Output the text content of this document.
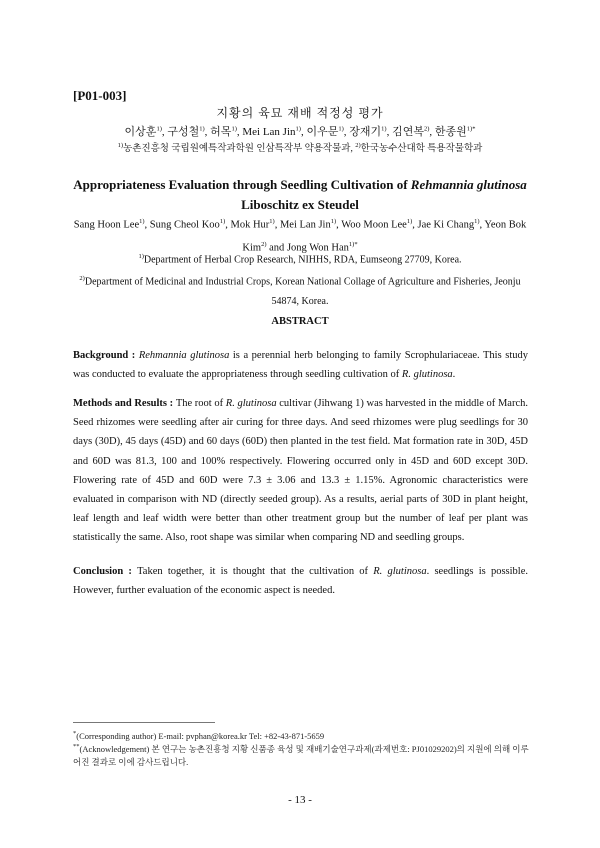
[P01-003]
지황의 육묘 재배 적정성 평가
이상훈$^{1)}$, 구성철$^{1)}$, 허목$^{1)}$, Mei Lan Jin$^{1)}$, 이우문$^{1)}$, 장재기$^{1)}$, 김연복$^{2)}$, 한종원$^{1)*}$
$^{1)}$농촌진흥청 국립원예특작과학원 인삼특작부 약용작물과, $^{2)}$한국농수산대학 특용작물학과
Appropriateness Evaluation through Seedling Cultivation of Rehmannia glutinosa
Liboschitz ex Steudel
Sang Hoon Lee$^{1)}$, Sung Cheol Koo$^{1)}$, Mok Hur$^{1)}$, Mei Lan Jin$^{1)}$, Woo Moon Lee$^{1)}$, Jae Ki Chang$^{1)}$, Yeon Bok Kim$^{2)}$ and Jong Won Han$^{1)*}$
$^{1)}$Department of Herbal Crop Research, NIHHS, RDA, Eumseong 27709, Korea.
$^{2)}$Department of Medicinal and Industrial Crops, Korean National Collage of Agriculture and Fisheries, Jeonju 54874, Korea.
ABSTRACT
Background : Rehmannia glutinosa is a perennial herb belonging to family Scrophulariaceae. This study was conducted to evaluate the appropriateness through seedling cultivation of R. glutinosa.
Methods and Results : The root of R. glutinosa cultivar (Jihwang 1) was harvested in the middle of March. Seed rhizomes were seedling after air curing for three days. And seed rhizomes were plug seedlings for 30 days (30D), 45 days (45D) and 60 days (60D) then planted in the test field. Mat formation rate in 30D, 45D and 60D was 81.3, 100 and 100% respectively. Flowering occurred only in 45D and 60D except 30D. Flowering rate of 45D and 60D were 7.3 ± 3.06 and 13.3 ± 1.15%. Agronomic characteristics were evaluated in comparison with ND (directly seeded group). As a results, aerial parts of 30D in plant height, leaf length and leaf width were better than other treatment group but the number of leaf per plant was statistically the same. Also, root shape was similar when comparing ND and seedling groups.
Conclusion : Taken together, it is thought that the cultivation of R. glutinosa. seedlings is possible. However, further evaluation of the economic aspect is needed.
*(Corresponding author) E-mail: pvphan@korea.kr Tel: +82-43-871-5659
**(Acknowledgement) 본 연구는 농촌진흥청 지황 신품종 육성 및 재배기술연구과제(과제번호: PJ01029202)의 지원에 의해 이루어진 결과로 이에 감사드립니다.
- 13 -
